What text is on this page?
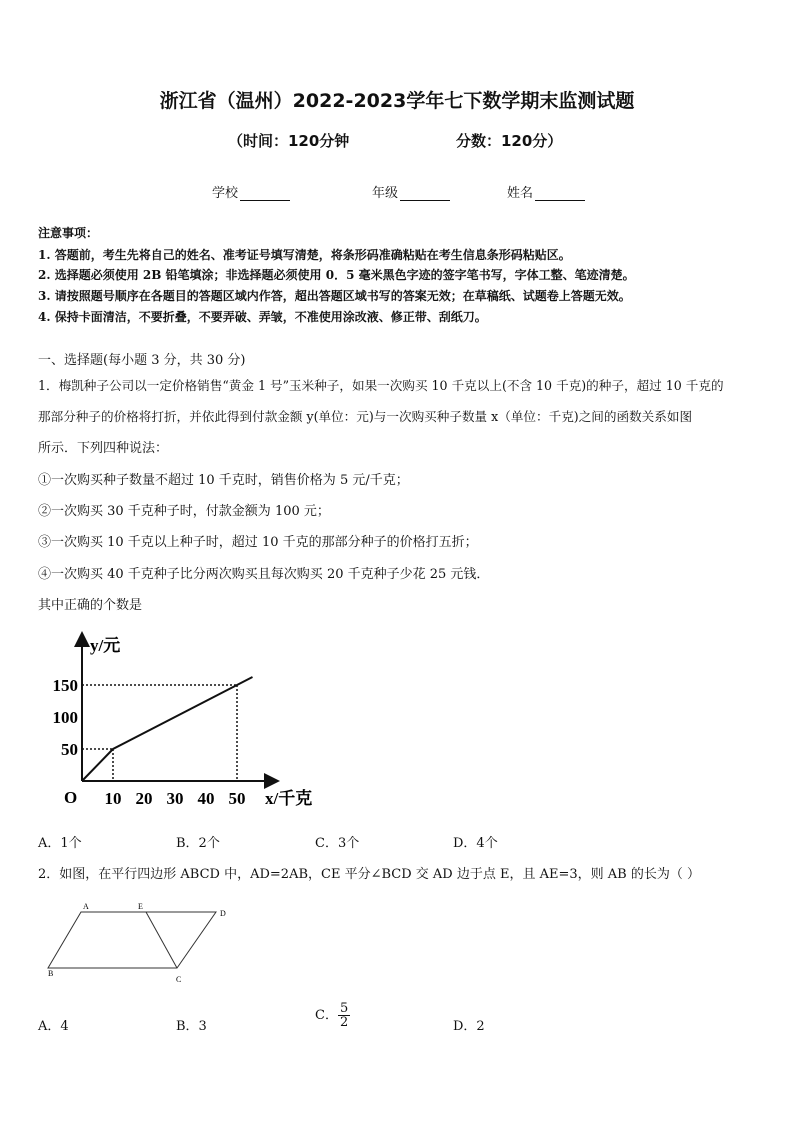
浙江省（温州）2022-2023学年七下数学期末监测试题
（时间：120分钟	分数：120分）
学校	年级	姓名
注意事项：
1. 答题前，考生先将自己的姓名、准考证号填写清楚，将条形码准确粘贴在考生信息条形码粘贴区。
2. 选择题必须使用 2B 铅笔填涂；非选择题必须使用 0．5 毫米黑色字迹的签字笔书写，字体工整、笔迹清楚。
3. 请按照题号顺序在各题目的答题区域内作答，超出答题区域书写的答案无效；在草稿纸、试题卷上答题无效。
4. 保持卡面清洁，不要折叠，不要弄破、弄皱，不准使用涂改液、修正带、刮纸刀。
一、选择题(每小题 3 分，共 30 分)
1．梅凯种子公司以一定价格销售“黄金 1 号”玉米种子，如果一次购买 10 千克以上(不含 10 千克)的种子，超过 10 千克的
那部分种子的价格将打折，并依此得到付款金额 y(单位：元)与一次购买种子数量 x（单位：千克)之间的函数关系如图
所示．下列四种说法：
①一次购买种子数量不超过 10 千克时，销售价格为 5 元/千克；
②一次购买 30 千克种子时，付款金额为 100 元；
③一次购买 10 千克以上种子时，超过 10 千克的那部分种子的价格打五折；
④一次购买 40 千克种子比分两次购买且每次购买 20 千克种子少花 25 元钱．
其中正确的个数是
y/元
x/千克
O 10 20 30 40 50
50
100
150
A．1个	B．2个	C．3个	D．4个
2．如图，在平行四边形 ABCD 中，AD=2AB，CE 平分∠BCD 交 AD 边于点 E，且 AE=3，则 AB 的长为（ ）
A	E
D
B
C
A．4	B．3
C． $\frac{5}{2}$	D．2
